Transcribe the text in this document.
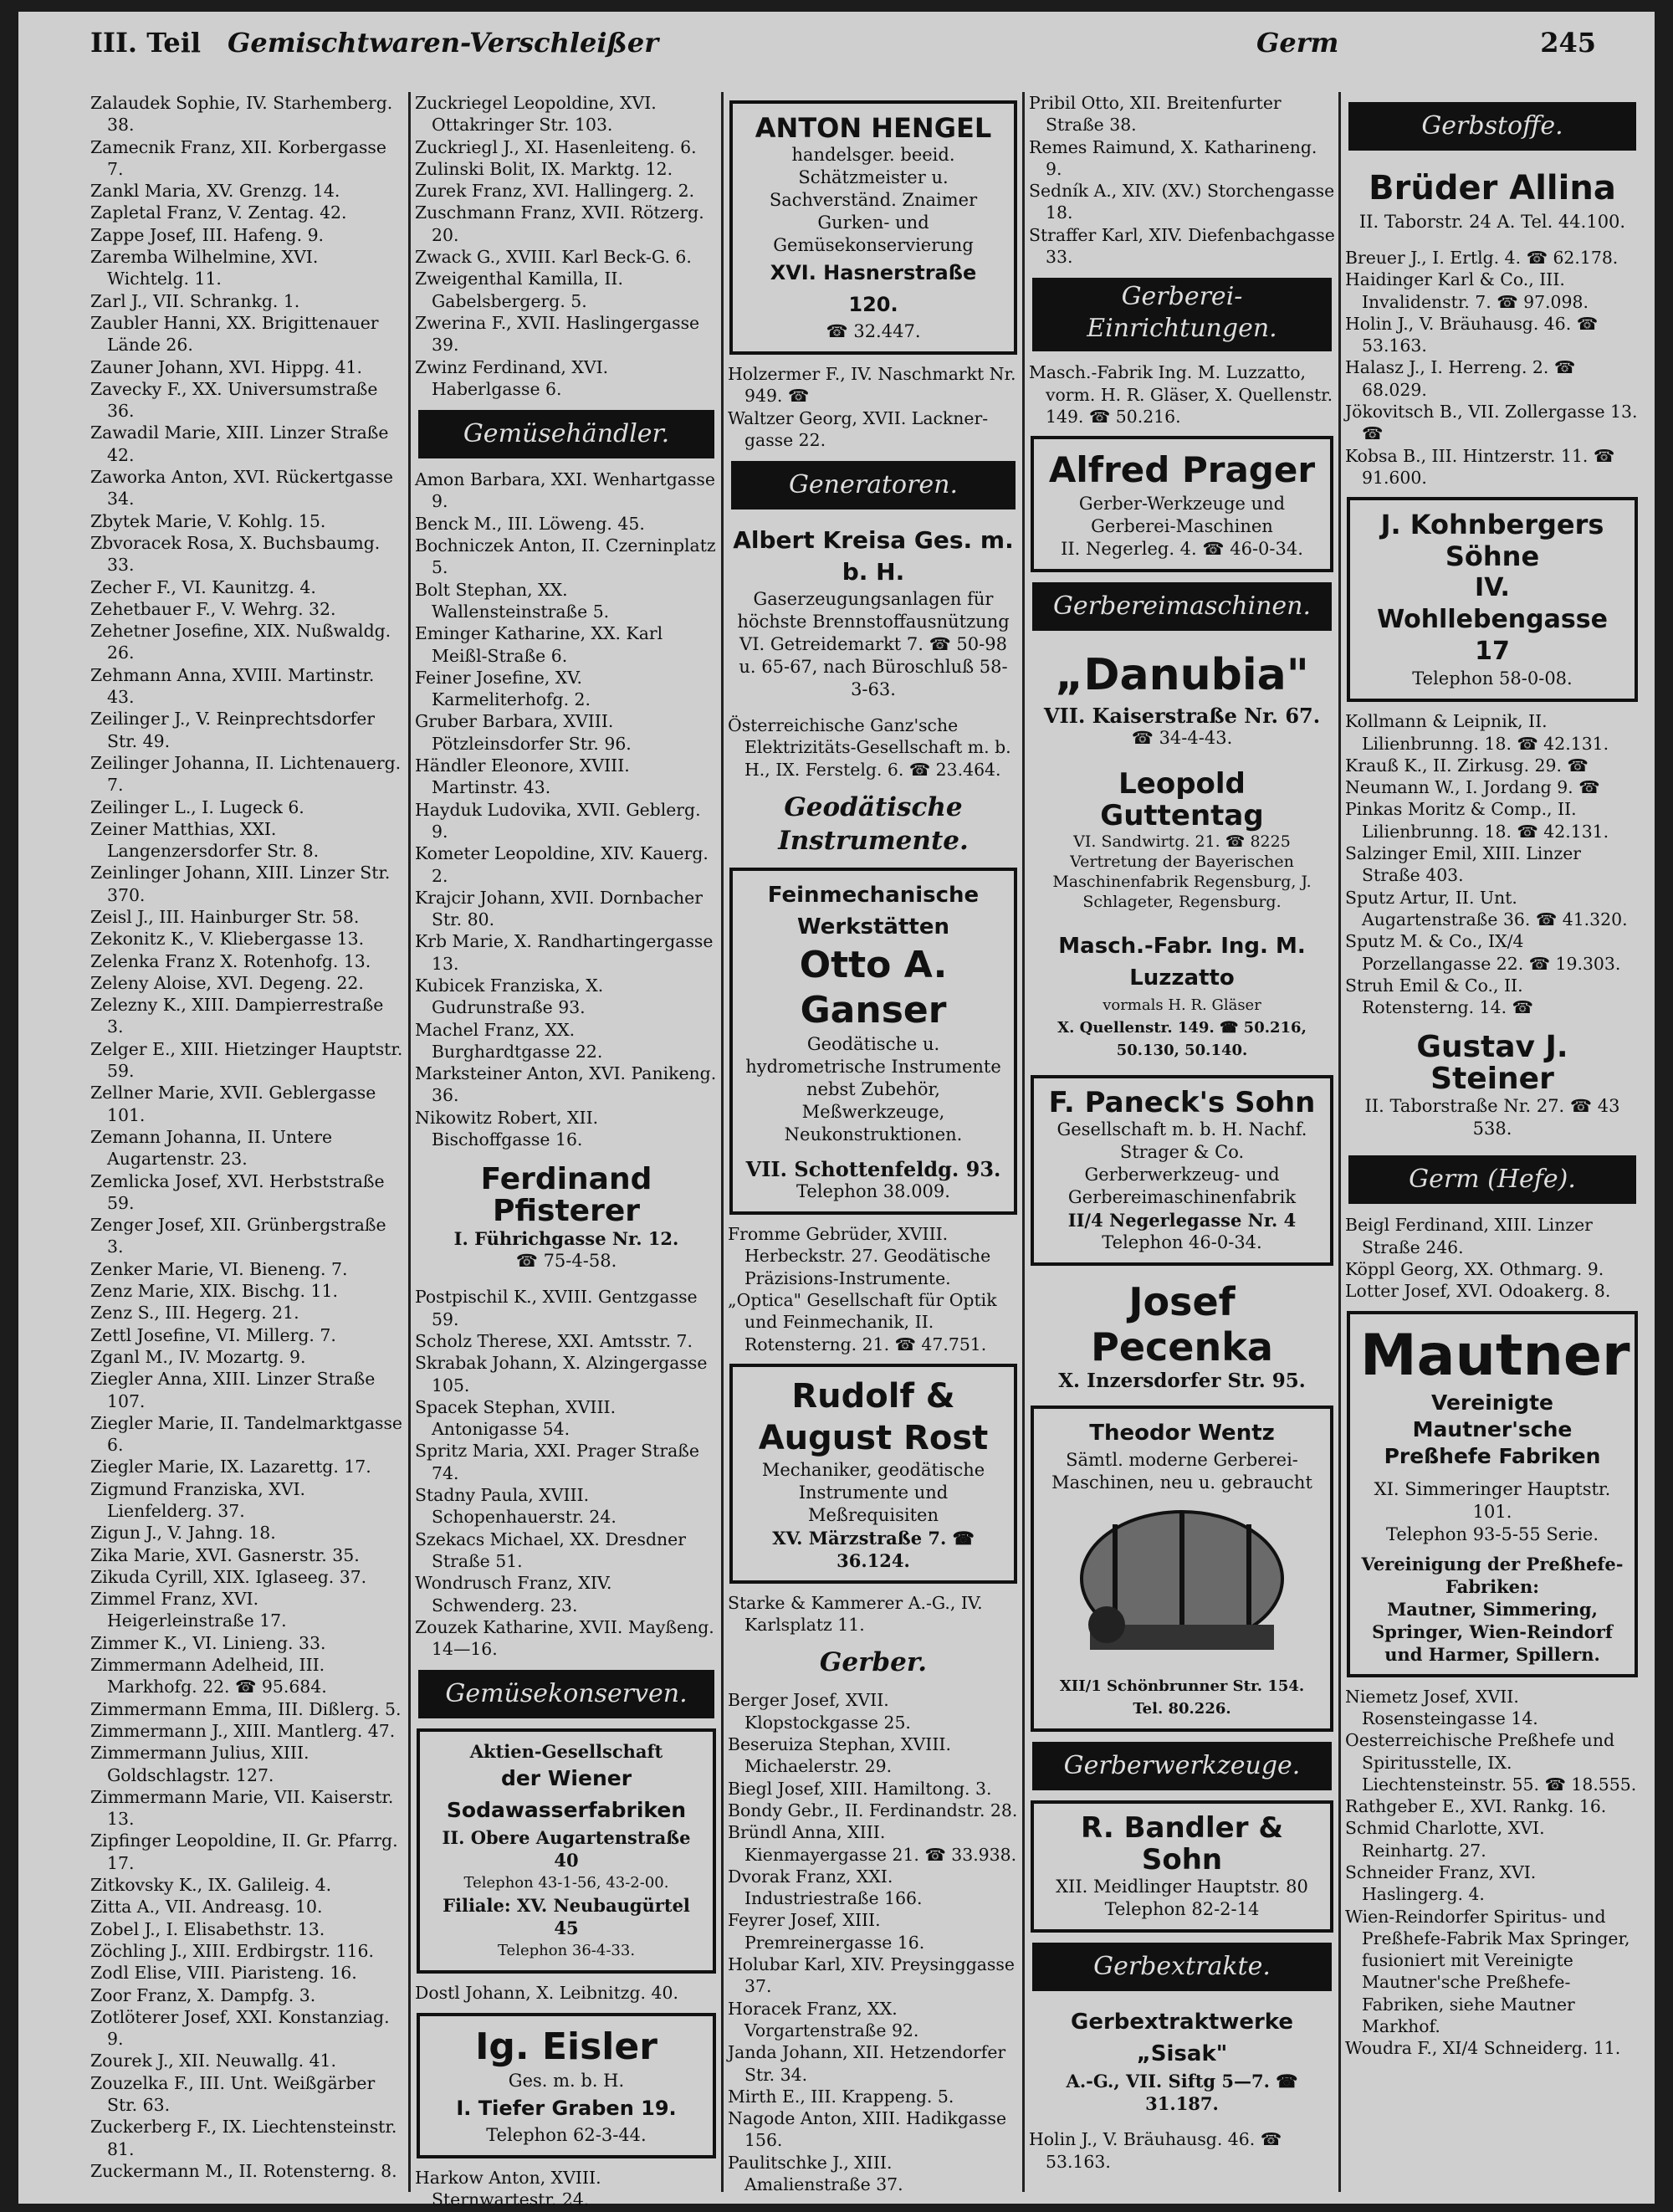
III. Teil Gemischtwaren-Verschleißer	Germ	245
Zalaudek Sophie, IV. Starhemberg. 38.
Zamecnik Franz, XII. Korbergasse 7.
Zankl Maria, XV. Grenzg. 14.
Zapletal Franz, V. Zentag. 42.
Zappe Josef, III. Hafeng. 9.
Zaremba Wilhelmine, XVI. Wichtelg. 11.
Zarl J., VII. Schrankg. 1.
Zaubler Hanni, XX. Brigittenauer Lände 26.
Zauner Johann, XVI. Hippg. 41.
Zavecky F., XX. Universumstraße 36.
Zawadil Marie, XIII. Linzer Straße 42.
Zaworka Anton, XVI. Rückertgasse 34.
Zbytek Marie, V. Kohlg. 15.
Zbvoracek Rosa, X. Buchsbaumg. 33.
Zecher F., VI. Kaunitzg. 4.
Zehetbauer F., V. Wehrg. 32.
Zehetner Josefine, XIX. Nußwaldg. 26.
Zehmann Anna, XVIII. Martinstr. 43.
Zeilinger J., V. Reinprechtsdorfer Str. 49.
Zeilinger Johanna, II. Lichtenauerg. 7.
Zeilinger L., I. Lugeck 6.
Zeiner Matthias, XXI. Langenzersdorfer Str. 8.
Zeinlinger Johann, XIII. Linzer Str. 370.
Zeisl J., III. Hainburger Str. 58.
Zekonitz K., V. Kliebergasse 13.
Zelenka Franz X. Rotenhofg. 13.
Zeleny Aloise, XVI. Degeng. 22.
Zelezny K., XIII. Dampierrestraße 3.
Zelger E., XIII. Hietzinger Hauptstr. 59.
Zellner Marie, XVII. Geblergasse 101.
Zemann Johanna, II. Untere Augartenstr. 23.
Zemlicka Josef, XVI. Herbststraße 59.
Zenger Josef, XII. Grünbergstraße 3.
Zenker Marie, VI. Bieneng. 7.
Zenz Marie, XIX. Bischg. 11.
Zenz S., III. Hegerg. 21.
Zettl Josefine, VI. Millerg. 7.
Zganl M., IV. Mozartg. 9.
Ziegler Anna, XIII. Linzer Straße 107.
Ziegler Marie, II. Tandelmarktgasse 6.
Ziegler Marie, IX. Lazarettg. 17.
Zigmund Franziska, XVI. Lienfelderg. 37.
Zigun J., V. Jahng. 18.
Zika Marie, XVI. Gasnerstr. 35.
Zikuda Cyrill, XIX. Iglaseeg. 37.
Zimmel Franz, XVI. Heigerleinstraße 17.
Zimmer K., VI. Linieng. 33.
Zimmermann Adelheid, III. Markhofg. 22. ☎ 95.684.
Zimmermann Emma, III. Dißlerg. 5.
Zimmermann J., XIII. Mantlerg. 47.
Zimmermann Julius, XIII. Goldschlagstr. 127.
Zimmermann Marie, VII. Kaiserstr. 13.
Zipfinger Leopoldine, II. Gr. Pfarrg. 17.
Zitkovsky K., IX. Galileig. 4.
Zitta A., VII. Andreasg. 10.
Zobel J., I. Elisabethstr. 13.
Zöchling J., XIII. Erdbirgstr. 116.
Zodl Elise, VIII. Piaristeng. 16.
Zoor Franz, X. Dampfg. 3.
Zotlöterer Josef, XXI. Konstanziag. 9.
Zourek J., XII. Neuwallg. 41.
Zouzelka F., III. Unt. Weißgärber Str. 63.
Zuckerberg F., IX. Liechtensteinstr. 81.
Zuckermann M., II. Rotensterng. 8.
Zuckriegel Leopoldine, XVI. Ottakringer Str. 103.
Zuckriegl J., XI. Hasenleiteng. 6.
Zulinski Bolit, IX. Marktg. 12.
Zurek Franz, XVI. Hallingerg. 2.
Zuschmann Franz, XVII. Rötzerg. 20.
Zwack G., XVIII. Karl Beck-G. 6.
Zweigenthal Kamilla, II. Gabelsbergerg. 5.
Zwerina F., XVII. Haslingergasse 39.
Zwinz Ferdinand, XVI. Haberlgasse 6.
Gemüsehändler.
Amon Barbara, XXI. Wenhartgasse 9.
Benck M., III. Löweng. 45.
Bochniczek Anton, II. Czerninplatz 5.
Bolt Stephan, XX. Wallensteinstraße 5.
Eminger Katharine, XX. Karl Meißl-Straße 6.
Feiner Josefine, XV. Karmeliterhofg. 2.
Gruber Barbara, XVIII. Pötzleinsdorfer Str. 96.
Händler Eleonore, XVIII. Martinstr. 43.
Hayduk Ludovika, XVII. Geblerg. 9.
Kometer Leopoldine, XIV. Kauerg. 2.
Krajcir Johann, XVII. Dornbacher Str. 80.
Krb Marie, X. Randhartingergasse 13.
Kubicek Franziska, X. Gudrunstraße 93.
Machel Franz, XX. Burghardtgasse 22.
Marksteiner Anton, XVI. Panikeng. 36.
Nikowitz Robert, XII. Bischoffgasse 16.
Ferdinand Pfisterer
I. Führichgasse Nr. 12.
☎ 75-4-58.
Postpischil K., XVIII. Gentzgasse 59.
Scholz Therese, XXI. Amtsstr. 7.
Skrabak Johann, X. Alzingergasse 105.
Spacek Stephan, XVIII. Antonigasse 54.
Spritz Maria, XXI. Prager Straße 74.
Stadny Paula, XVIII. Schopenhauerstr. 24.
Szekacs Michael, XX. Dresdner Straße 51.
Wondrusch Franz, XIV. Schwenderg. 23.
Zouzek Katharine, XVII. Mayßeng. 14—16.
Gemüsekonserven.
Aktien-Gesellschaft
der Wiener Sodawasserfabriken
II. Obere Augartenstraße 40
Telephon 43-1-56, 43-2-00.
Filiale: XV. Neubaugürtel 45
Telephon 36-4-33.
Dostl Johann, X. Leibnitzg. 40.
Ig. Eisler
Ges. m. b. H.
I. Tiefer Graben 19.
Telephon 62-3-44.
Harkow Anton, XVIII. Sternwartestr. 24.
ANTON HENGEL
handelsger. beeid. Schätzmeister u. Sachverständ. Znaimer Gurken- und Gemüsekonservierung
XVI. Hasnerstraße 120.
☎ 32.447.
Holzermer F., IV. Naschmarkt Nr. 949. ☎
Waltzer Georg, XVII. Lackner-gasse 22.
Generatoren.
Albert Kreisa Ges. m. b. H.
Gaserzeugungsanlagen für höchste Brennstoffausnützung VI. Getreidemarkt 7. ☎ 50-98 u. 65-67, nach Büroschluß 58-3-63.
Österreichische Ganz'sche Elektrizitäts-Gesellschaft m. b. H., IX. Ferstelg. 6. ☎ 23.464.
Geodätische Instrumente.
Feinmechanische Werkstätten
Otto A. Ganser
Geodätische u. hydrometrische Instrumente nebst Zubehör, Meßwerkzeuge, Neukonstruktionen.
VII. Schottenfeldg. 93.
Telephon 38.009.
Fromme Gebrüder, XVIII. Herbeckstr. 27. Geodätische Präzisions-Instrumente.
„Optica" Gesellschaft für Optik und Feinmechanik, II. Rotensterng. 21. ☎ 47.751.
Rudolf & August Rost
Mechaniker, geodätische Instrumente und Meßrequisiten
XV. Märzstraße 7. ☎ 36.124.
Starke & Kammerer A.-G., IV. Karlsplatz 11.
Gerber.
Berger Josef, XVII. Klopstockgasse 25.
Beseruiza Stephan, XVIII. Michaelerstr. 29.
Biegl Josef, XIII. Hamiltong. 3.
Bondy Gebr., II. Ferdinandstr. 28.
Bründl Anna, XIII. Kienmayergasse 21. ☎ 33.938.
Dvorak Franz, XXI. Industriestraße 166.
Feyrer Josef, XIII. Premreinergasse 16.
Holubar Karl, XIV. Preysinggasse 37.
Horacek Franz, XX. Vorgartenstraße 92.
Janda Johann, XII. Hetzendorfer Str. 34.
Mirth E., III. Krappeng. 5.
Nagode Anton, XIII. Hadikgasse 156.
Paulitschke J., XIII. Amalienstraße 37.
Pribil Otto, XII. Breitenfurter Straße 38.
Remes Raimund, X. Katharineng. 9.
Sedník A., XIV. (XV.) Storchengasse 18.
Straffer Karl, XIV. Diefenbachgasse 33.
Gerberei-Einrichtungen.
Masch.-Fabrik Ing. M. Luzzatto, vorm. H. R. Gläser, X. Quellenstr. 149. ☎ 50.216.
Alfred Prager
Gerber-Werkzeuge und Gerberei-Maschinen
II. Negerleg. 4. ☎ 46-0-34.
Gerbereimaschinen.
„Danubia"
VII. Kaiserstraße Nr. 67.
☎ 34-4-43.
Leopold Guttentag
VI. Sandwirtg. 21. ☎ 8225 Vertretung der Bayerischen Maschinenfabrik Regensburg, J. Schlageter, Regensburg.
Masch.-Fabr. Ing. M. Luzzatto
vormals H. R. Gläser
X. Quellenstr. 149. ☎ 50.216, 50.130, 50.140.
F. Paneck's Sohn
Gesellschaft m. b. H. Nachf. Strager & Co. Gerberwerkzeug- und Gerbereimaschinenfabrik
II/4 Negerlegasse Nr. 4
Telephon 46-0-34.
Josef Pecenka
X. Inzersdorfer Str. 95.
Theodor Wentz
Sämtl. moderne Gerberei-Maschinen, neu u. gebraucht
XII/1 Schönbrunner Str. 154. Tel. 80.226.
Gerberwerkzeuge.
R. Bandler & Sohn
XII. Meidlinger Hauptstr. 80
Telephon 82-2-14
Gerbextrakte.
Gerbextraktwerke „Sisak"
A.-G., VII. Siftg 5—7. ☎ 31.187.
Holin J., V. Bräuhausg. 46. ☎ 53.163.
Gerbstoffe.
Brüder Allina
II. Taborstr. 24 A. Tel. 44.100.
Breuer J., I. Ertlg. 4. ☎ 62.178.
Haidinger Karl & Co., III. Invalidenstr. 7. ☎ 97.098.
Holin J., V. Bräuhausg. 46. ☎ 53.163.
Halasz J., I. Herreng. 2. ☎ 68.029.
Jökovitsch B., VII. Zollergasse 13. ☎
Kobsa B., III. Hintzerstr. 11. ☎ 91.600.
J. Kohnbergers Söhne
IV. Wohllebengasse 17
Telephon 58-0-08.
Kollmann & Leipnik, II. Lilienbrunng. 18. ☎ 42.131.
Krauß K., II. Zirkusg. 29. ☎
Neumann W., I. Jordang 9. ☎
Pinkas Moritz & Comp., II. Lilienbrunng. 18. ☎ 42.131.
Salzinger Emil, XIII. Linzer Straße 403.
Sputz Artur, II. Unt. Augartenstraße 36. ☎ 41.320.
Sputz M. & Co., IX/4 Porzellangasse 22. ☎ 19.303.
Struh Emil & Co., II. Rotensterng. 14. ☎
Gustav J. Steiner
II. Taborstraße Nr. 27. ☎ 43 538.
Germ (Hefe).
Beigl Ferdinand, XIII. Linzer Straße 246.
Köppl Georg, XX. Othmarg. 9.
Lotter Josef, XVI. Odoakerg. 8.
Mautner
Vereinigte Mautner'sche Preßhefe Fabriken
XI. Simmeringer Hauptstr. 101.
Telephon 93-5-55 Serie.
Vereinigung der Preßhefe-Fabriken:
Mautner, Simmering, Springer, Wien-Reindorf und Harmer, Spillern.
Niemetz Josef, XVII. Rosensteingasse 14.
Oesterreichische Preßhefe und Spiritusstelle, IX. Liechtensteinstr. 55. ☎ 18.555.
Rathgeber E., XVI. Rankg. 16.
Schmid Charlotte, XVI. Reinhartg. 27.
Schneider Franz, XVI. Haslingerg. 4.
Wien-Reindorfer Spiritus- und Preßhefe-Fabrik Max Springer, fusioniert mit Vereinigte Mautner'sche Preßhefe-Fabriken, siehe Mautner Markhof.
Woudra F., XI/4 Schneiderg. 11.
